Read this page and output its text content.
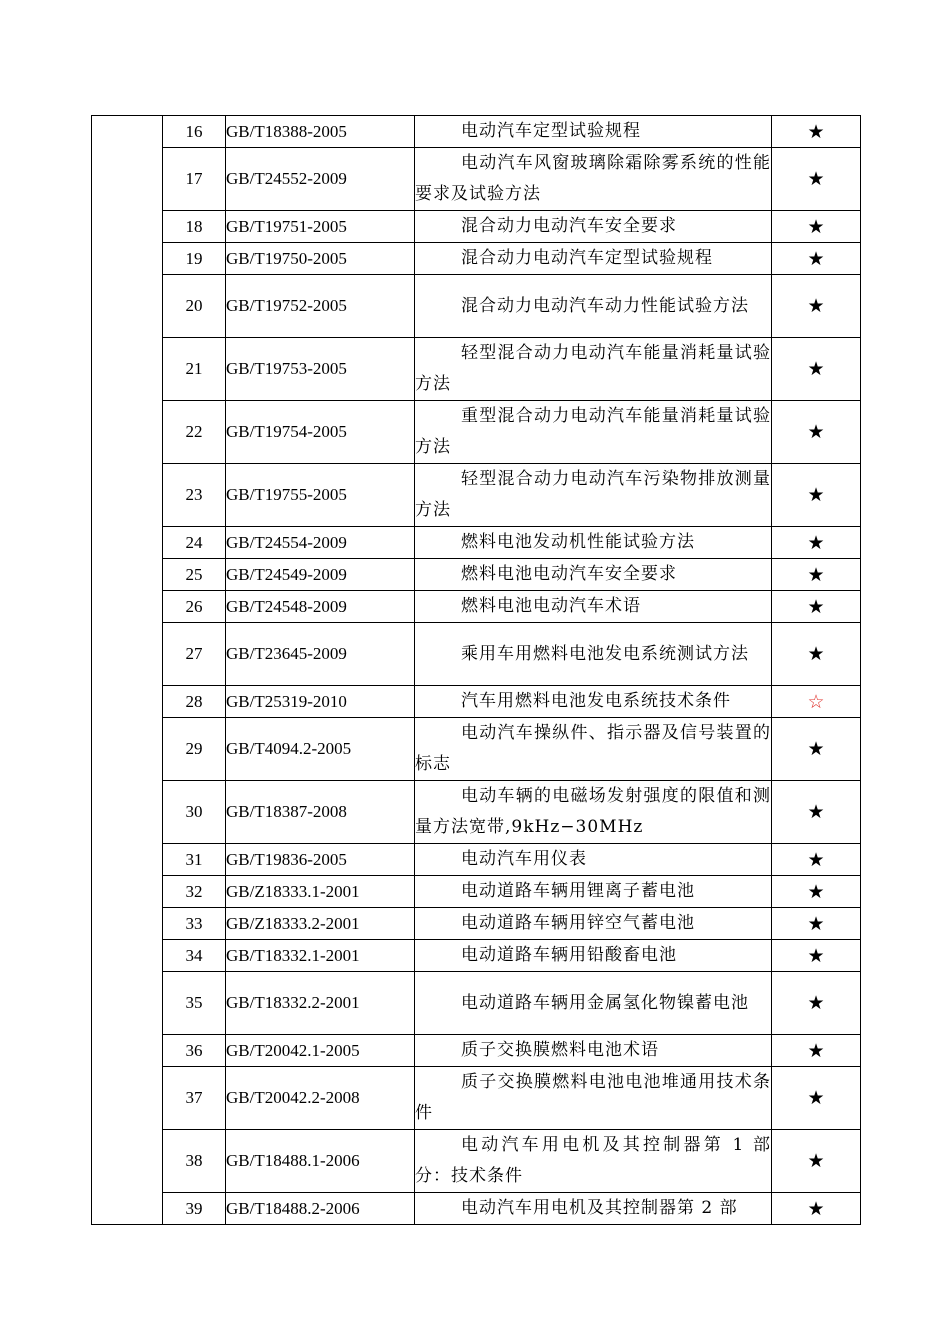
	16	GB/T18388-2005	电动汽车定型试验规程	★
	17	GB/T24552-2009	电动汽车风窗玻璃除霜除雾系统的性能要求及试验方法	★
	18	GB/T19751-2005	混合动力电动汽车安全要求	★
	19	GB/T19750-2005	混合动力电动汽车定型试验规程	★
	20	GB/T19752-2005	混合动力电动汽车动力性能试验方法	★
	21	GB/T19753-2005	轻型混合动力电动汽车能量消耗量试验方法	★
	22	GB/T19754-2005	重型混合动力电动汽车能量消耗量试验方法	★
	23	GB/T19755-2005	轻型混合动力电动汽车污染物排放测量方法	★
	24	GB/T24554-2009	燃料电池发动机性能试验方法	★
	25	GB/T24549-2009	燃料电池电动汽车安全要求	★
	26	GB/T24548-2009	燃料电池电动汽车术语	★
	27	GB/T23645-2009	乘用车用燃料电池发电系统测试方法	★
	28	GB/T25319-2010	汽车用燃料电池发电系统技术条件	☆
	29	GB/T4094.2-2005	电动汽车操纵件、指示器及信号装置的标志	★
	30	GB/T18387-2008	电动车辆的电磁场发射强度的限值和测量方法宽带,9kHz−30MHz	★
	31	GB/T19836-2005	电动汽车用仪表	★
	32	GB/Z18333.1-2001	电动道路车辆用锂离子蓄电池	★
	33	GB/Z18333.2-2001	电动道路车辆用锌空气蓄电池	★
	34	GB/T18332.1-2001	电动道路车辆用铅酸畜电池	★
	35	GB/T18332.2-2001	电动道路车辆用金属氢化物镍蓄电池	★
	36	GB/T20042.1-2005	质子交换膜燃料电池术语	★
	37	GB/T20042.2-2008	质子交换膜燃料电池电池堆通用技术条件	★
	38	GB/T18488.1-2006	电动汽车用电机及其控制器第 1 部分：技术条件	★
	39	GB/T18488.2-2006	电动汽车用电机及其控制器第 2 部	★
